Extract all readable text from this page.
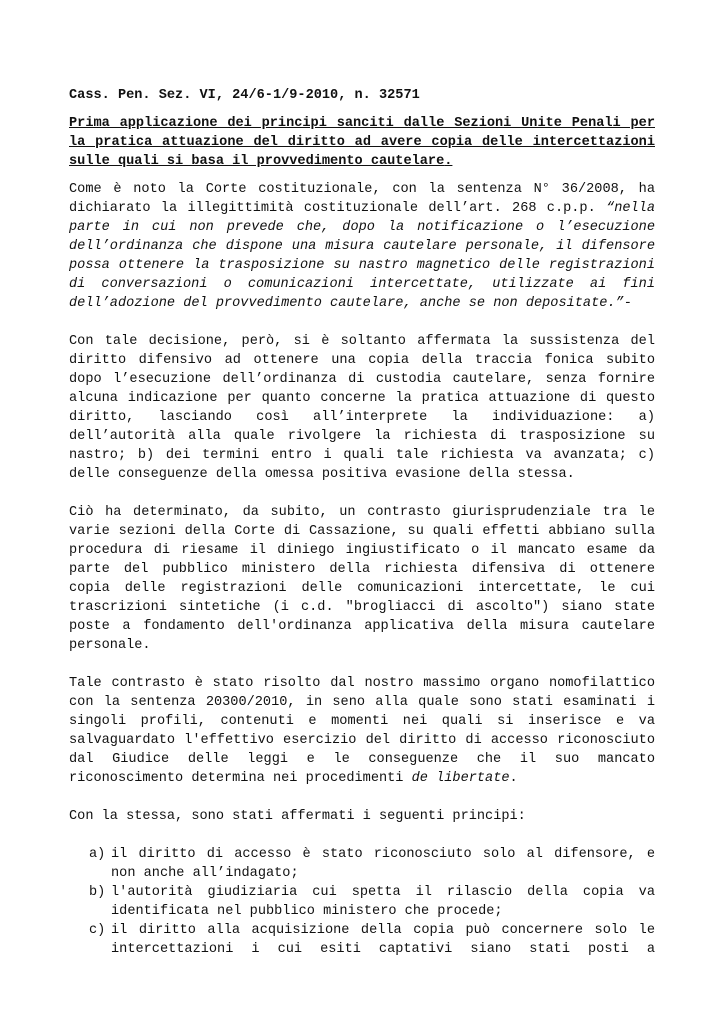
Cass. Pen. Sez. VI, 24/6-1/9-2010, n. 32571
Prima applicazione dei principi sanciti dalle Sezioni Unite Penali per la pratica attuazione del diritto ad avere copia delle intercettazioni sulle quali si basa il provvedimento cautelare.

Come è noto la Corte costituzionale, con la sentenza N° 36/2008, ha dichiarato la illegittimità costituzionale dell’art. 268 c.p.p. “nella parte in cui non prevede che, dopo la notificazione o l’esecuzione dell’ordinanza che dispone una misura cautelare personale, il difensore possa ottenere la trasposizione su nastro magnetico delle registrazioni di conversazioni o comunicazioni intercettate, utilizzate ai fini dell’adozione del provvedimento cautelare, anche se non depositate.”-

Con tale decisione, però, si è soltanto affermata la sussistenza del diritto difensivo ad ottenere una copia della traccia fonica subito dopo l’esecuzione dell’ordinanza di custodia cautelare, senza fornire alcuna indicazione per quanto concerne la pratica attuazione di questo diritto, lasciando così all’interprete la individuazione: a) dell’autorità alla quale rivolgere la richiesta di trasposizione su nastro; b) dei termini entro i quali tale richiesta va avanzata; c) delle conseguenze della omessa positiva evasione della stessa.

Ciò ha determinato, da subito, un contrasto giurisprudenziale tra le varie sezioni della Corte di Cassazione, su quali effetti abbiano sulla procedura di riesame il diniego ingiustificato o il mancato esame da parte del pubblico ministero della richiesta difensiva di ottenere copia delle registrazioni delle comunicazioni intercettate, le cui trascrizioni sintetiche (i c.d. "brogliacci di ascolto") siano state poste a fondamento dell'ordinanza applicativa della misura cautelare personale.

Tale contrasto è stato risolto dal nostro massimo organo nomofilattico con la sentenza 20300/2010, in seno alla quale sono stati esaminati i singoli profili, contenuti e momenti nei quali si inserisce e va salvaguardato l'effettivo esercizio del diritto di accesso riconosciuto dal Giudice delle leggi e le conseguenze che il suo mancato riconoscimento determina nei procedimenti de libertate.

Con la stessa, sono stati affermati i seguenti principi:

a) il diritto di accesso è stato riconosciuto solo al difensore, e non anche all’indagato;
b) l'autorità giudiziaria cui spetta il rilascio della copia va identificata nel pubblico ministero che procede;
c) il diritto alla acquisizione della copia può concernere solo le intercettazioni i cui esiti captativi siano stati posti a
